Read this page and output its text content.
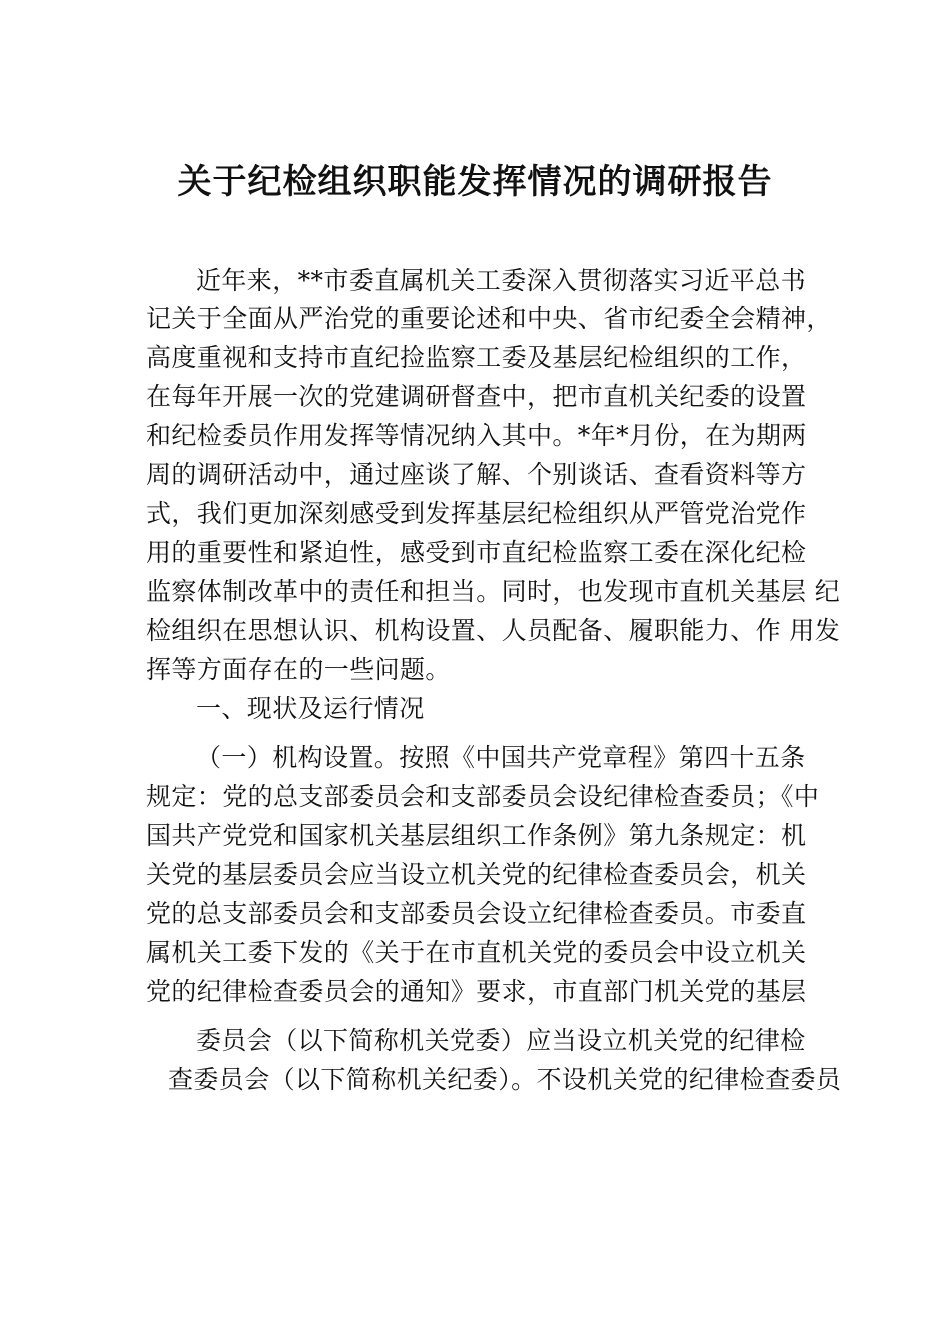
关于纪检组织职能发挥情况的调研报告
近年来，**市委直属机关工委深入贯彻落实习近平总书
记关于全面从严治党的重要论述和中央、省市纪委全会精神，
高度重视和支持市直纪捡监察工委及基层纪检组织的工作，
在每年开展一次的党建调研督查中，把市直机关纪委的设置
和纪检委员作用发挥等情况纳入其中。*年*月份，在为期两
周的调研活动中，通过座谈了解、个别谈话、查看资料等方
式，我们更加深刻感受到发挥基层纪检组织从严管党治党作
用的重要性和紧迫性，感受到市直纪检监察工委在深化纪检
监察体制改革中的责任和担当。同时，也发现市直机关基层 纪
检组织在思想认识、机构设置、人员配备、履职能力、作 用发
挥等方面存在的一些问题。
一、现状及运行情况
（一）机构设置。按照《中国共产党章程》第四十五条
规定：党的总支部委员会和支部委员会设纪律检查委员；《中
国共产党党和国家机关基层组织工作条例》第九条规定：机
关党的基层委员会应当设立机关党的纪律检查委员会，机关
党的总支部委员会和支部委员会设立纪律检查委员。市委直
属机关工委下发的《关于在市直机关党的委员会中设立机关
党的纪律检查委员会的通知》要求，市直部门机关党的基层
委员会（以下简称机关党委）应当设立机关党的纪律检
查委员会（以下简称机关纪委）。不设机关党的纪律检查委员
